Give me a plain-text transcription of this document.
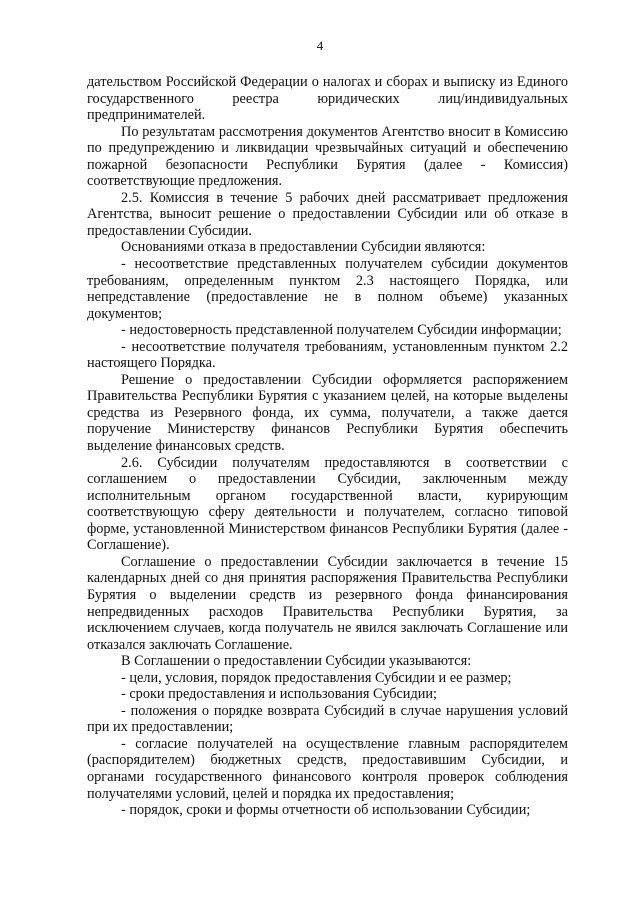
4

дательством Российской Федерации о налогах и сборах и выписку из Единого государственного реестра юридических лиц/индивидуальных предпринимателей.

По результатам рассмотрения документов Агентство вносит в Комиссию по предупреждению и ликвидации чрезвычайных ситуаций и обеспечению пожарной безопасности Республики Бурятия (далее - Комиссия) соответствующие предложения.

2.5. Комиссия в течение 5 рабочих дней рассматривает предложения Агентства, выносит решение о предоставлении Субсидии или об отказе в предоставлении Субсидии.

Основаниями отказа в предоставлении Субсидии являются:

- несоответствие представленных получателем субсидии документов требованиям, определенным пунктом 2.3 настоящего Порядка, или непредставление (предоставление не в полном объеме) указанных документов;

- недостоверность представленной получателем Субсидии информации;

- несоответствие получателя требованиям, установленным пунктом 2.2 настоящего Порядка.

Решение о предоставлении Субсидии оформляется распоряжением Правительства Республики Бурятия с указанием целей, на которые выделены средства из Резервного фонда, их сумма, получатели, а также дается поручение Министерству финансов Республики Бурятия обеспечить выделение финансовых средств.

2.6. Субсидии получателям предоставляются в соответствии с соглашением о предоставлении Субсидии, заключенным между исполнительным органом государственной власти, курирующим соответствующую сферу деятельности и получателем, согласно типовой форме, установленной Министерством финансов Республики Бурятия (далее - Соглашение).

Соглашение о предоставлении Субсидии заключается в течение 15 календарных дней со дня принятия распоряжения Правительства Республики Бурятия о выделении средств из резервного фонда финансирования непредвиденных расходов Правительства Республики Бурятия, за исключением случаев, когда получатель не явился заключать Соглашение или отказался заключать Соглашение.

В Соглашении о предоставлении Субсидии указываются:

- цели, условия, порядок предоставления Субсидии и ее размер;

- сроки предоставления и использования Субсидии;

- положения о порядке возврата Субсидий в случае нарушения условий при их предоставлении;

- согласие получателей на осуществление главным распорядителем (распорядителем) бюджетных средств, предоставившим Субсидии, и органами государственного финансового контроля проверок соблюдения получателями условий, целей и порядка их предоставления;

- порядок, сроки и формы отчетности об использовании Субсидии;
